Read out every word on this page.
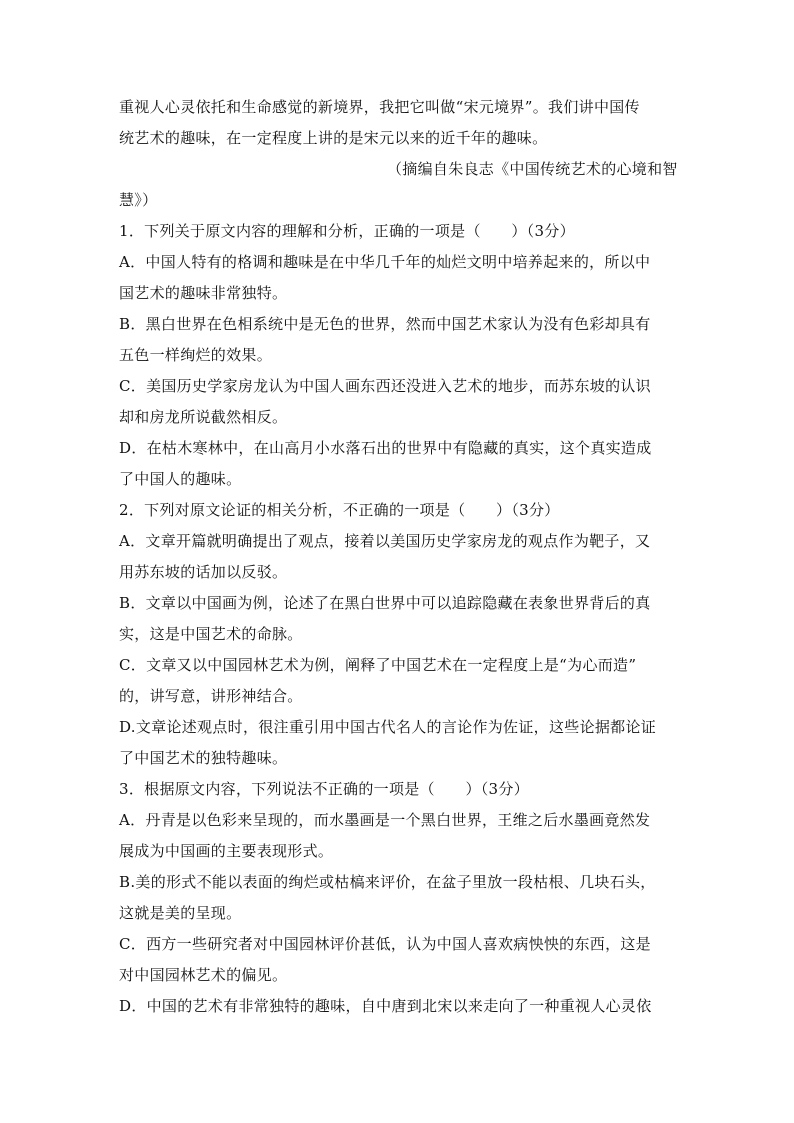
重视人心灵依托和生命感觉的新境界，我把它叫做“宋元境界”。我们讲中国传
统艺术的趣味，在一定程度上讲的是宋元以来的近千年的趣味。
（摘编自朱良志《中国传统艺术的心境和智
慧》）
1．下列关于原文内容的理解和分析，正确的一项是（　　）（3分）
A．中国人特有的格调和趣味是在中华几千年的灿烂文明中培养起来的，所以中
国艺术的趣味非常独特。
B．黑白世界在色相系统中是无色的世界，然而中国艺术家认为没有色彩却具有
五色一样绚烂的效果。
C．美国历史学家房龙认为中国人画东西还没进入艺术的地步，而苏东坡的认识
却和房龙所说截然相反。
D．在枯木寒林中，在山高月小水落石出的世界中有隐藏的真实，这个真实造成
了中国人的趣味。
2．下列对原文论证的相关分析，不正确的一项是（　　）（3分）
A．文章开篇就明确提出了观点，接着以美国历史学家房龙的观点作为靶子，又
用苏东坡的话加以反驳。
B．文章以中国画为例，论述了在黑白世界中可以追踪隐藏在表象世界背后的真
实，这是中国艺术的命脉。
C．文章又以中国园林艺术为例，阐释了中国艺术在一定程度上是“为心而造”
的，讲写意，讲形神结合。
D.文章论述观点时，很注重引用中国古代名人的言论作为佐证，这些论据都论证
了中国艺术的独特趣味。
3．根据原文内容，下列说法不正确的一项是（　　）（3分）
A．丹青是以色彩来呈现的，而水墨画是一个黑白世界，王维之后水墨画竟然发
展成为中国画的主要表现形式。
B.美的形式不能以表面的绚烂或枯槁来评价，在盆子里放一段枯根、几块石头，
这就是美的呈现。
C．西方一些研究者对中国园林评价甚低，认为中国人喜欢病怏怏的东西，这是
对中国园林艺术的偏见。
D．中国的艺术有非常独特的趣味，自中唐到北宋以来走向了一种重视人心灵依
